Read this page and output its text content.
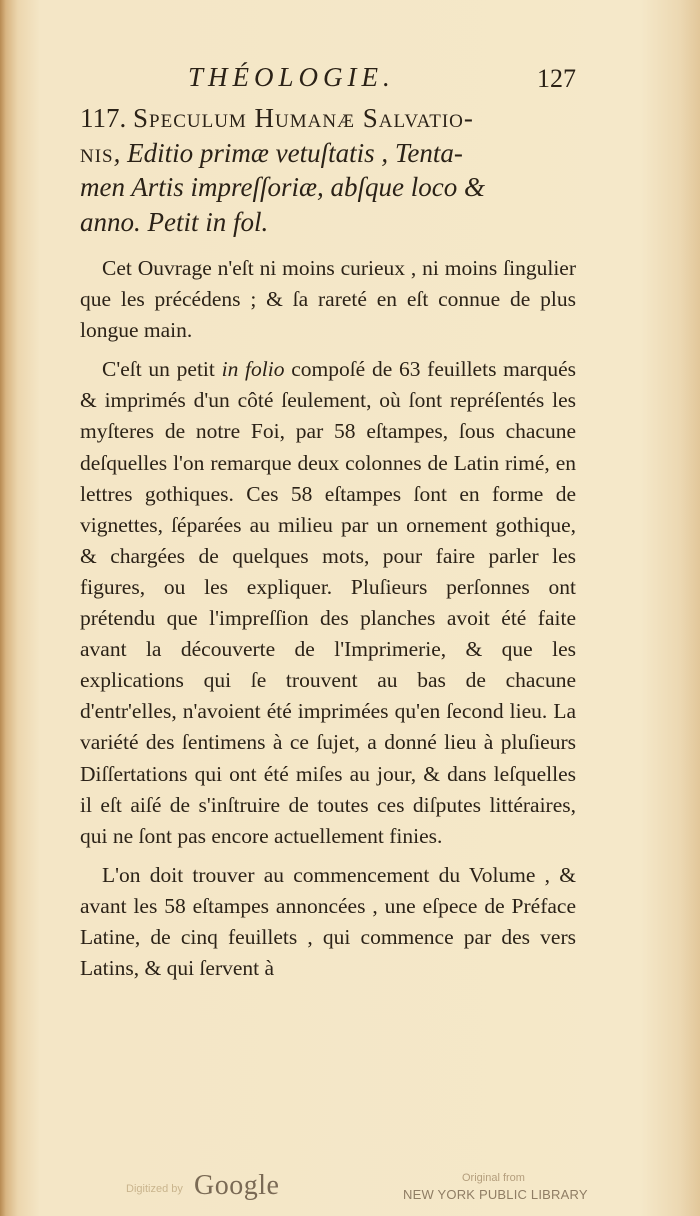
THÉOLOGIE.	127
117. Speculum Humanæ Salvatio-
nis, Editio primæ vetuſtatis , Tenta-
men Artis impreſſoriæ, abſque loco &
anno. Petit in fol.

Cet Ouvrage n'eſt ni moins curieux , ni moins ſingulier que les précédens ; & ſa rareté en eſt connue de plus longue main.

C'eſt un petit in folio compoſé de 63 feuillets marqués & imprimés d'un côté ſeulement, où ſont repréſentés les myſteres de notre Foi, par 58 eſtampes, ſous chacune deſquelles l'on remarque deux colonnes de Latin rimé, en lettres gothiques. Ces 58 eſtampes ſont en forme de vignettes, ſéparées au milieu par un ornement gothique, & chargées de quelques mots, pour faire parler les figures, ou les expliquer. Pluſieurs perſonnes ont prétendu que l'impreſſion des planches avoit été faite avant la découverte de l'Imprimerie, & que les explications qui ſe trouvent au bas de chacune d'entr'elles, n'avoient été imprimées qu'en ſecond lieu. La variété des ſentimens à ce ſujet, a donné lieu à pluſieurs Diſſertations qui ont été miſes au jour, & dans leſquelles il eſt aiſé de s'inſtruire de toutes ces diſputes littéraires, qui ne ſont pas encore actuellement finies.

L'on doit trouver au commencement du Volume , & avant les 58 eſtampes annoncées , une eſpece de Préface Latine, de cinq feuillets , qui commence par des vers Latins, & qui ſervent à

Digitized by Google	Original from
NEW YORK PUBLIC LIBRARY
